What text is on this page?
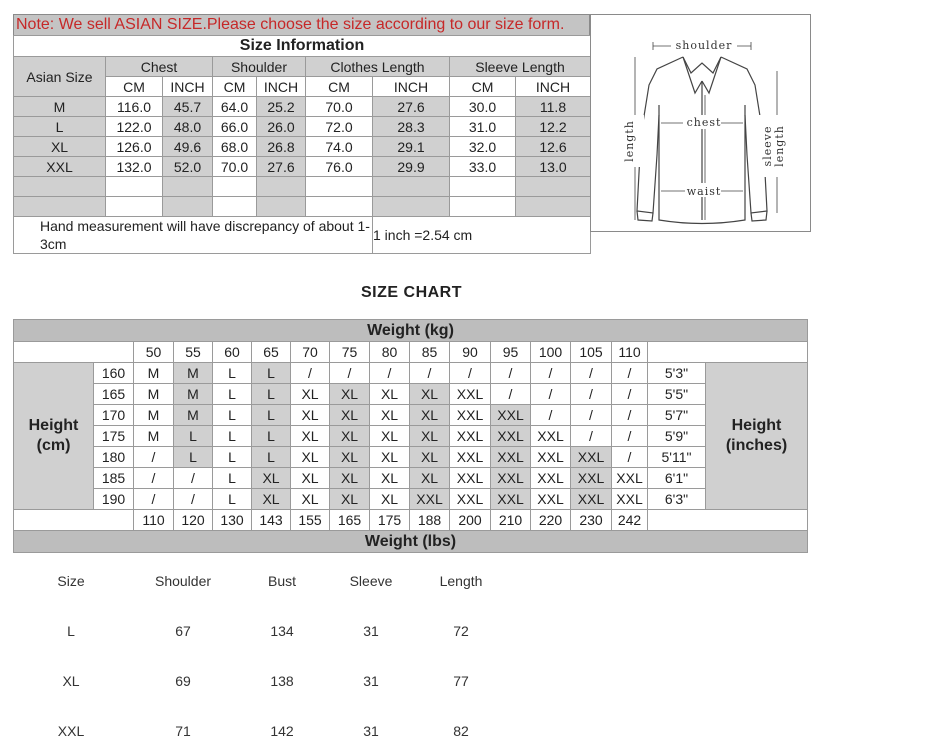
Note: We sell ASIAN SIZE.Please choose the size according to our size form.
Size Information								
Asian Size	Chest		Shoulder		Clothes Length		Sleeve Length	
	CM	INCH	CM	INCH	CM	INCH	CM	INCH
M	116.0	45.7	64.0	25.2	70.0	27.6	30.0	11.8
L	122.0	48.0	66.0	26.0	72.0	28.3	31.0	12.2
XL	126.0	49.6	68.0	26.8	74.0	29.1	32.0	12.6
XXL	132.0	52.0	70.0	27.6	76.0	29.9	33.0	13.0

Hand measurement will have discrepancy of about 1-3cm						1 inch =2.54 cm		
shoulder
chest
waist
length	sleeve length
SIZE CHART
Weight (kg)																
		50	55	60	65	70	75	80	85	90	95	100	105	110		
Height (cm)	160	M	M	L	L	/	/	/	/	/	/	/	/	/	5'3"	Height (inches)
	165	M	M	L	L	XL	XL	XL	XL	XXL	/	/	/	/	5'5"	
	170	M	M	L	L	XL	XL	XL	XL	XXL	XXL	/	/	/	5'7"	
	175	M	L	L	L	XL	XL	XL	XL	XXL	XXL	XXL	/	/	5'9"	
	180	/	L	L	L	XL	XL	XL	XL	XXL	XXL	XXL	XXL	/	5'11"	
	185	/	/	L	XL	XL	XL	XL	XL	XXL	XXL	XXL	XXL	XXL	6'1"	
	190	/	/	L	XL	XL	XL	XL	XXL	XXL	XXL	XXL	XXL	XXL	6'3"	
		110	120	130	143	155	165	175	188	200	210	220	230	242		
Weight (lbs)																
Size	Shoulder	Bust	Sleeve	Length
L	67	134	31	72
XL	69	138	31	77
XXL	71	142	31	82
